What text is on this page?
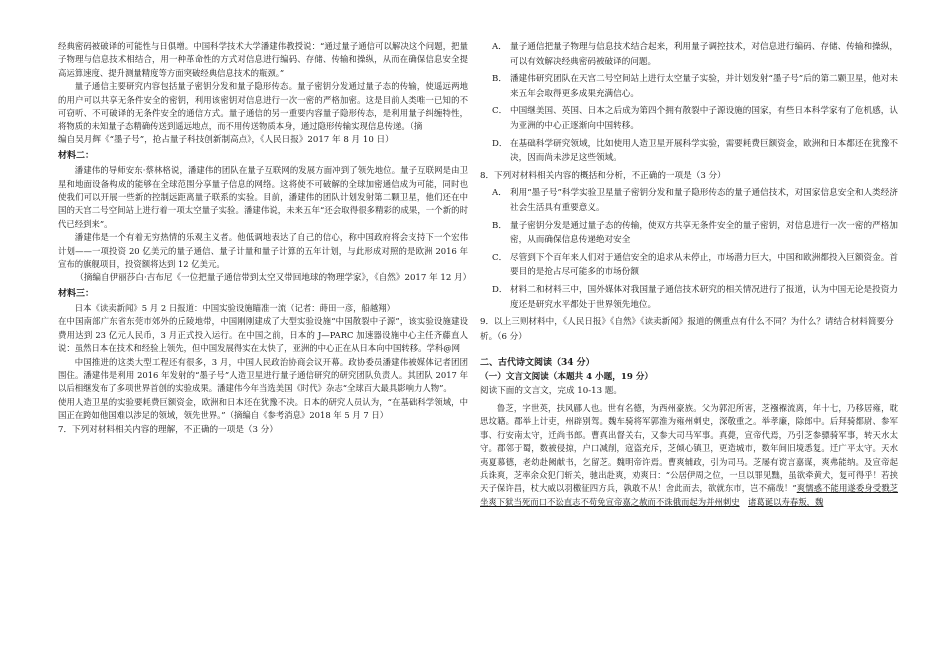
经典密码被破译的可能性与日俱增。中国科学技术大学潘建伟教授说：“通过量子通信可以解决这个问题，把量子物理与信息技术相结合，用一种革命性的方式对信息进行编码、存储、传输和操纵，从而在确保信息安全提高运算速度、提升测量精度等方面突破经典信息技术的瓶颈。”

量子通信主要研究内容包括量子密钥分发和量子隐形传态。量子密钥分发通过量子态的传输，使遥远两地的用户可以共享无条件安全的密钥，利用该密钥对信息进行一次一密的严格加密。这是目前人类唯一已知的不可窃听、不可破译的无条件安全的通信方式。量子通信的另一重要内容量子隐形传态，是利用量子纠缠特性，将物质的未知量子态精确传送到遥远地点，而不用传送物质本身，通过隐形传输实现信息传递。（摘

编自吴月辉《“墨子号”，抢占量子科技创新制高点》，《人民日报》2017 年 8 月 10 日）

材料二：

潘建伟的导师安东·蔡林格说，潘建伟的团队在量子互联网的发展方面冲到了领先地位。量子互联网是由卫星和地面设备构成的能够在全球范围分享量子信息的网络。这将使不可破解的全球加密通信成为可能，同时也使我们可以开展一些新的控制远距离量子联系的实验。目前，潘建伟的团队计划发射第二颗卫星，他们还在中国的天宫二号空间站上进行着一项太空量子实验。潘建伟说，未来五年“还会取得很多精彩的成果，一个新的时代已经到来”。

潘建伟是一个有着无穷热情的乐观主义者。他低调地表达了自己的信心，称中国政府将会支持下一个宏伟计划——一项投资 20 亿美元的量子通信、量子计量和量子计算的五年计划，与此形成对照的是欧洲 2016 年宣布的旗舰项目，投资额将达到 12 亿美元。

（摘编自伊丽莎白·吉布尼《一位把量子通信带到太空又带回地球的物理学家》，《自然》2017 年 12 月）

材料三：

日本《读卖新闻》5 月 2 日报道：中国实验设施瞄准一流（记者：蒔田一彦，船越翔）

在中国南部广东省东莞市郊外的丘陵地带，中国刚刚建成了大型实验设施“中国散裂中子源”，该实验设施建设费用达到 23 亿元人民币，3 月正式投入运行。在中国之前，日本的 J—PARC 加速器设施中心主任齐藤直人说：虽然日本在技术和经验上领先，但中国发展得实在太快了，亚洲的中心正在从日本向中国转移。学科@网

中国推进的这类大型工程还有很多，3 月，中国人民政治协商会议开幕。政协委员潘建伟被媒体记者团团围住。潘建伟是利用 2016 年发射的“墨子号”人造卫星进行量子通信研究的研究团队负责人。其团队 2017 年以后相继发布了多项世界首创的实验成果。潘建伟今年当选美国《时代》杂志“全球百大最具影响力人物”。

使用人造卫星的实验要耗费巨额资金，欧洲和日本还在犹豫不决。日本的研究人员认为，“在基础科学领域，中国正在跨如他国难以涉足的领域，领先世界。”（摘编自《参考消息》2018 年 5 月 7 日）

7．下列对材料相关内容的理解，不正确的一项是（3 分）

A． 量子通信把量子物理与信息技术结合起来，利用量子调控技术，对信息进行编码、存储、传输和操纵，可以有效解决经典密码被破译的问题。
B． 潘建伟研究团队在天宫二号空间站上进行太空量子实验，并计划发射“墨子号”后的第二颗卫星，他对未来五年会取得更多成果充满信心。
C． 中国继美国、英国、日本之后成为第四个拥有散裂中子源设施的国家，有些日本科学家有了危机感，认为亚洲的中心正逐渐向中国转移。
D． 在基础科学研究领域，比如使用人造卫星开展科学实验，需要耗费巨额资金，欧洲和日本都还在犹豫不决，因而尚未涉足这些领域。

8．下列对材料相关内容的概括和分析，不正确的一项是（3 分）

A． 利用“墨子号”科学实验卫星量子密钥分发和量子隐形传态的量子通信技术，对国家信息安全和人类经济社会生活具有重要意义。
B． 量子密钥分发是通过量子态的传输，使双方共享无条件安全的量子密钥，对信息进行一次一密的严格加密，从而确保信息传递绝对安全
C． 尽管到下个百年来人们对于通信安全的追求从未停止，市场潜力巨大，中国和欧洲都投入巨额资金。首要目的是抢占尽可能多的市场份额
D． 材料二和材料三中，国外媒体对我国量子通信技术研究的相关情况进行了报道，认为中国无论是投资力度还是研究水平都处于世界领先地位。

9．以上三则材料中，《人民日报》《自然》《读卖新闻》报道的侧重点有什么不同？为什么？请结合材料简要分析。（6 分）

二、古代诗文阅读（34 分）

（一）文言文阅读（本题共 4 小题，19 分）

阅读下面的文言文，完成 10-13 题。

鲁芝，字世英，扶风郿人也。世有名德，为西州豪族。父为郭氾所害，芝襁褓流离，年十七，乃移居雍，耽思坟籍。郡举上计吏，州辟别驾。魏车骑将军郭淮为雍州刺史，深敬重之。举孝廉，除郎中。后拜骑都尉、参军事、行安南太守，迁尚书郎。曹真出督关右，又参大司马军事。真薨，宣帝代焉，乃引芝参骠骑军事，转天水太守。郡邻于蜀，数被侵掠，户口减削，寇盗充斥，芝倾心镇卫，更造城市，数年间旧境悉复。迁广平太守。天水夷夏慕德，老幼赴阙献书，乞留芝。魏明帝许焉。曹爽辅政，引为司马。芝屡有谠言嘉谋，爽弗能纳。及宣帝起兵诛爽，芝率余众犯门斩关，驰出赴爽，劝爽曰：“公居伊周之位，一旦以罪见黜，虽欲牵黄犬，复可得乎！若挟天子保许昌，杖大威以羽檄征四方兵，孰敢不从！舍此而去，欲就东市，岂不痛哉！”爽懦惑不能用遂委身受戮芝坐爽下狱当死而口不讼直志不苟免宣帝嘉之赦而不诛俄而起为并州刺史　 诸葛诞以寿春叛，魏
